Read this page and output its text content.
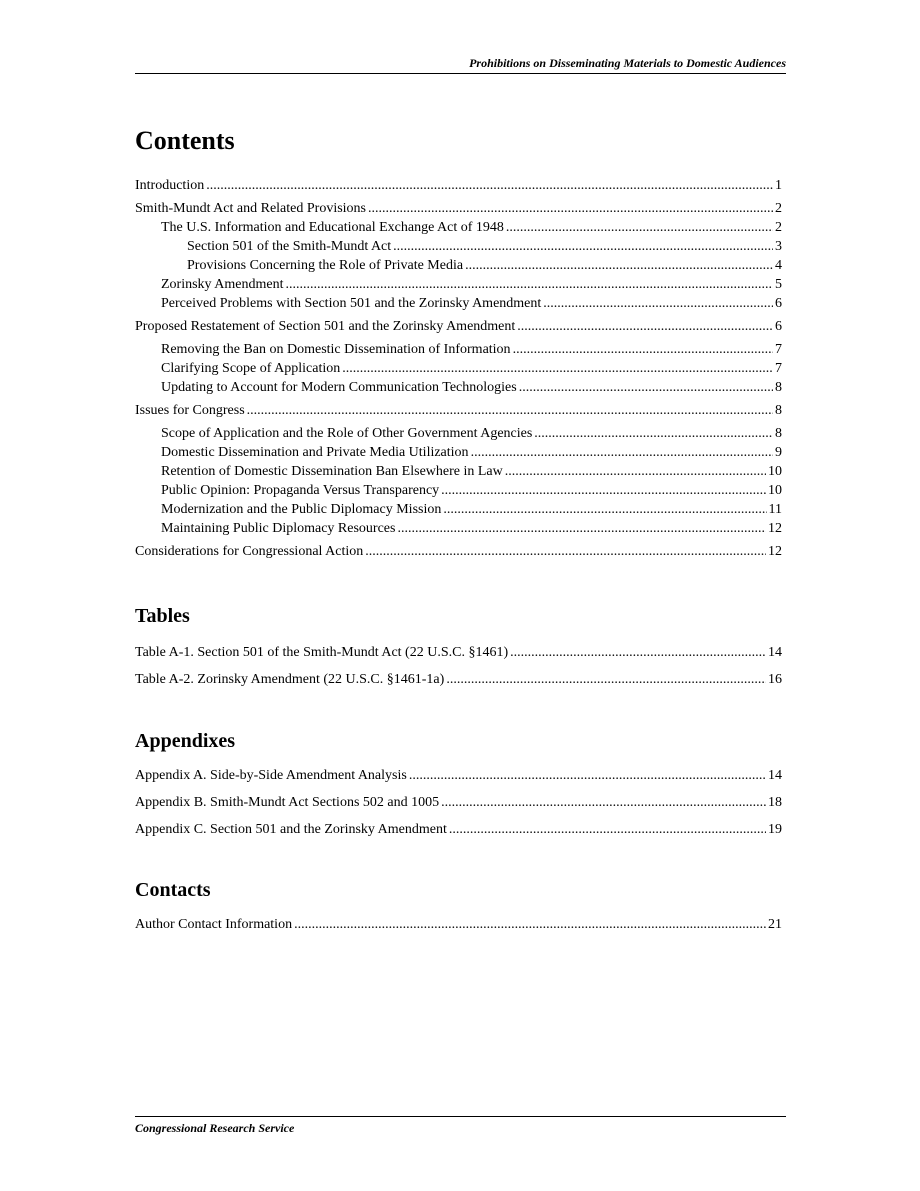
Prohibitions on Disseminating Materials to Domestic Audiences
Contents
Introduction .....	1
Smith-Mundt Act and Related Provisions .....	2
The U.S. Information and Educational Exchange Act of 1948 .....	2
Section 501 of the Smith-Mundt Act .....	3
Provisions Concerning the Role of Private Media .....	4
Zorinsky Amendment .....	5
Perceived Problems with Section 501 and the Zorinsky Amendment .....	6
Proposed Restatement of Section 501 and the Zorinsky Amendment .....	6
Removing the Ban on Domestic Dissemination of Information .....	7
Clarifying Scope of Application .....	7
Updating to Account for Modern Communication Technologies .....	8
Issues for Congress .....	8
Scope of Application and the Role of Other Government Agencies .....	8
Domestic Dissemination and Private Media Utilization .....	9
Retention of Domestic Dissemination Ban Elsewhere in Law .....	10
Public Opinion: Propaganda Versus Transparency .....	10
Modernization and the Public Diplomacy Mission .....	11
Maintaining Public Diplomacy Resources .....	12
Considerations for Congressional Action .....	12
Tables
Table A-1. Section 501 of the Smith-Mundt Act (22 U.S.C. §1461) .....	14
Table A-2. Zorinsky Amendment (22 U.S.C. §1461-1a) .....	16
Appendixes
Appendix A. Side-by-Side Amendment Analysis .....	14
Appendix B. Smith-Mundt Act Sections 502 and 1005 .....	18
Appendix C. Section 501 and the Zorinsky Amendment .....	19
Contacts
Author Contact Information .....	21
Congressional Research Service
